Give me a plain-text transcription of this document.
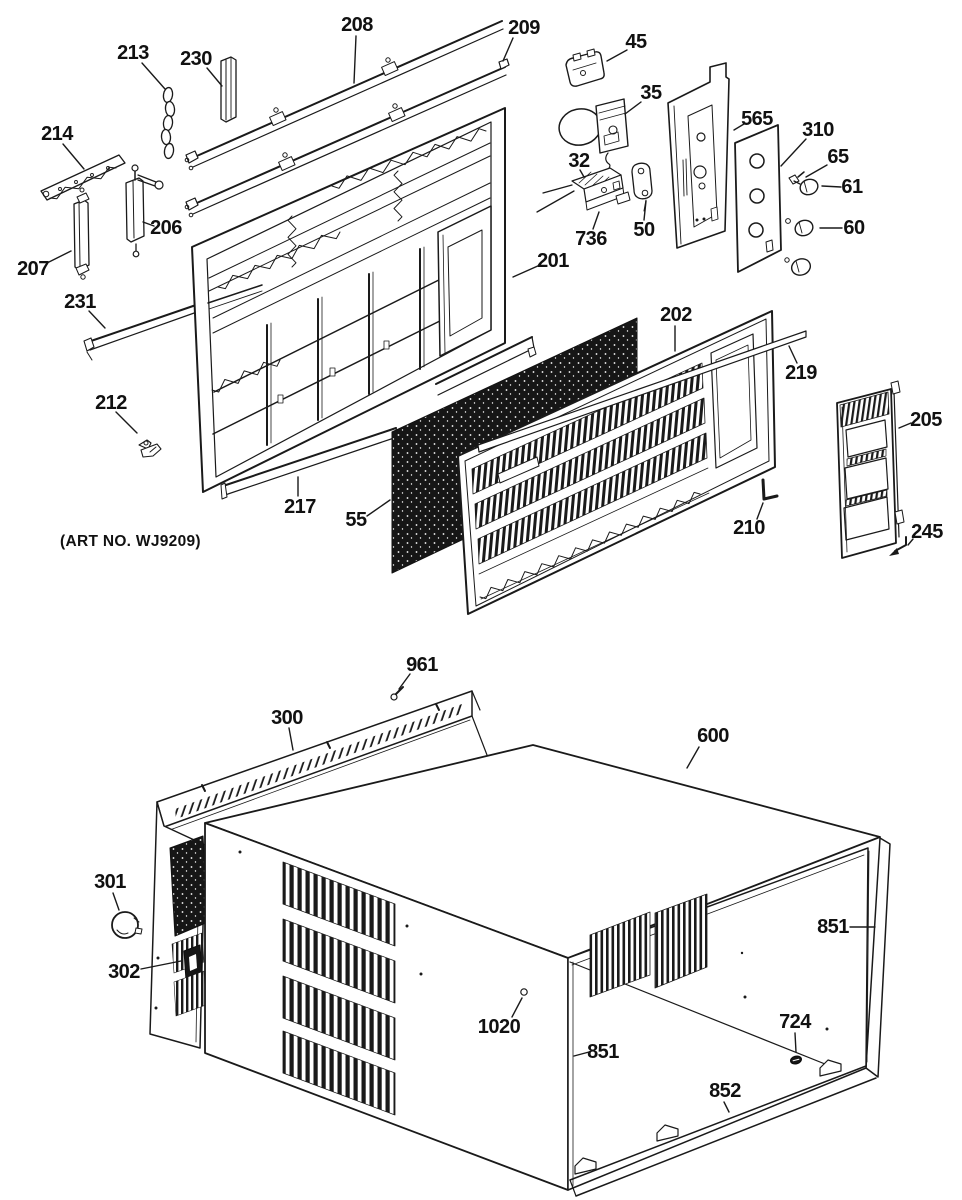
208	209
213 230
214
207
206
231
212
217
55
201
202
219
205
210	245
45
35
32
736 50
565 310
65
61
60
961
300
600
851
1020	724
851
852
301
302
(ART NO. WJ9209)
